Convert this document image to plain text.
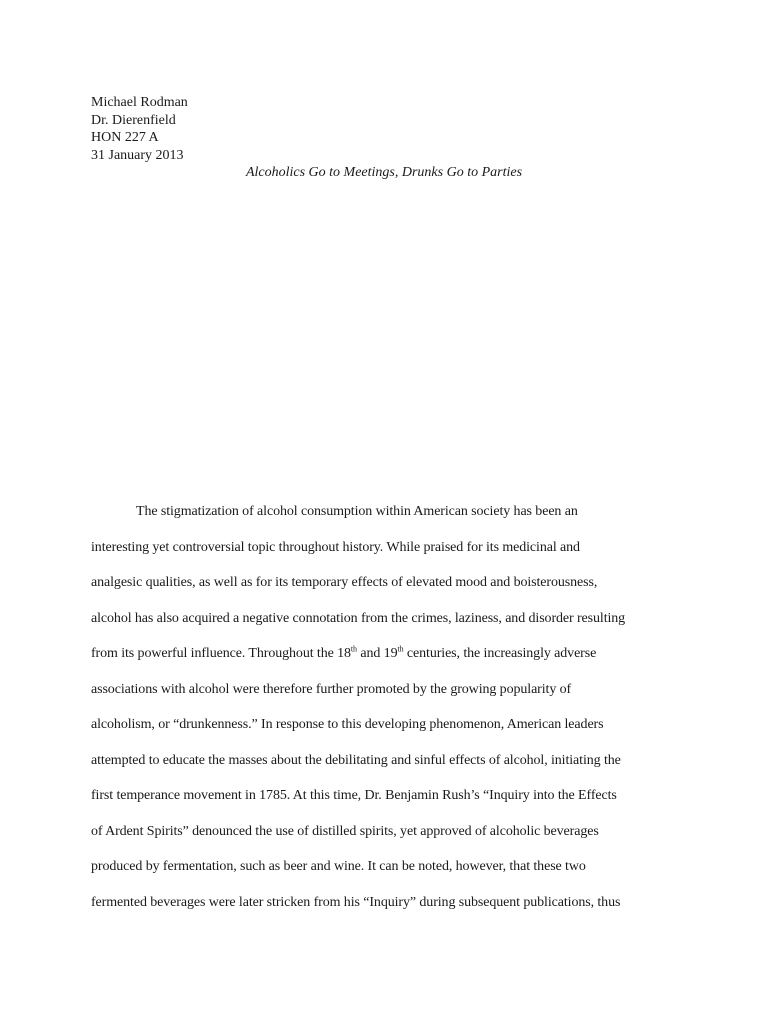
Michael Rodman
Dr. Dierenfield
HON 227 A
31 January 2013
Alcoholics Go to Meetings, Drunks Go to Parties
The stigmatization of alcohol consumption within American society has been an
interesting yet controversial topic throughout history. While praised for its medicinal and
analgesic qualities, as well as for its temporary effects of elevated mood and boisterousness,
alcohol has also acquired a negative connotation from the crimes, laziness, and disorder resulting
from its powerful influence. Throughout the 18th and 19th centuries, the increasingly adverse
associations with alcohol were therefore further promoted by the growing popularity of
alcoholism, or “drunkenness.” In response to this developing phenomenon, American leaders
attempted to educate the masses about the debilitating and sinful effects of alcohol, initiating the
first temperance movement in 1785. At this time, Dr. Benjamin Rush’s “Inquiry into the Effects
of Ardent Spirits” denounced the use of distilled spirits, yet approved of alcoholic beverages
produced by fermentation, such as beer and wine. It can be noted, however, that these two
fermented beverages were later stricken from his “Inquiry” during subsequent publications, thus
